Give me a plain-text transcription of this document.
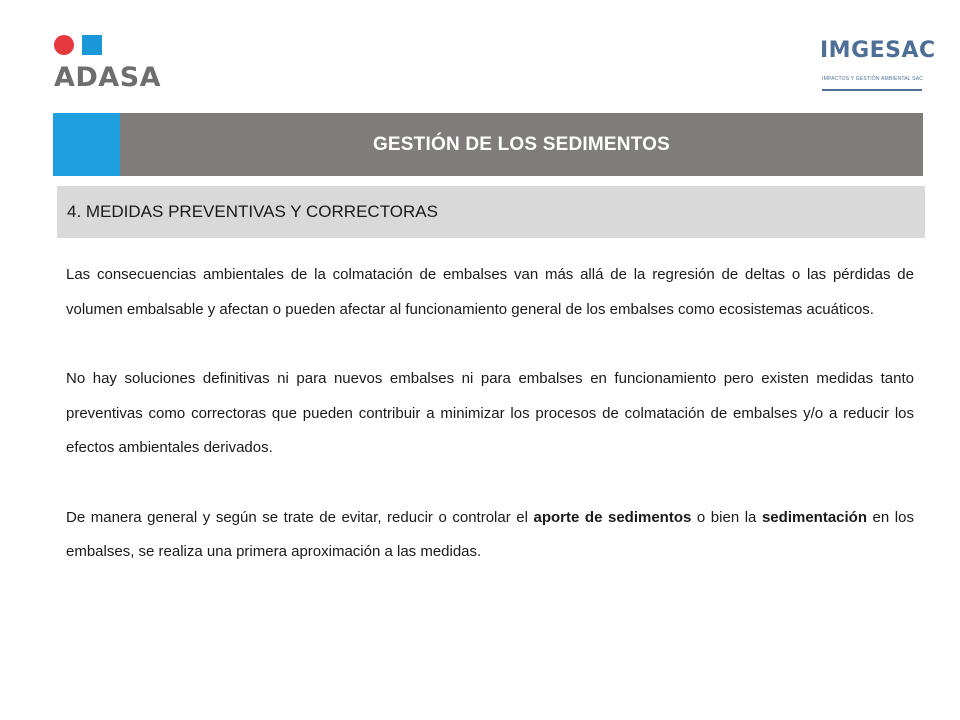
ADASA
IMGESAC
IMPACTOS Y GESTIÓN AMBIENTAL SAC
GESTIÓN DE LOS SEDIMENTOS
4. MEDIDAS PREVENTIVAS Y CORRECTORAS

Las consecuencias ambientales de la colmatación de embalses van más allá de la regresión de deltas o las pérdidas de volumen embalsable y afectan o pueden afectar al funcionamiento general de los embalses como ecosistemas acuáticos.

No hay soluciones definitivas ni para nuevos embalses ni para embalses en funcionamiento pero existen medidas tanto preventivas como correctoras que pueden contribuir a minimizar los procesos de colmatación de embalses y/o a reducir los efectos ambientales derivados.

De manera general y según se trate de evitar, reducir o controlar el aporte de sedimentos o bien la sedimentación en los embalses, se realiza una primera aproximación a las medidas.
